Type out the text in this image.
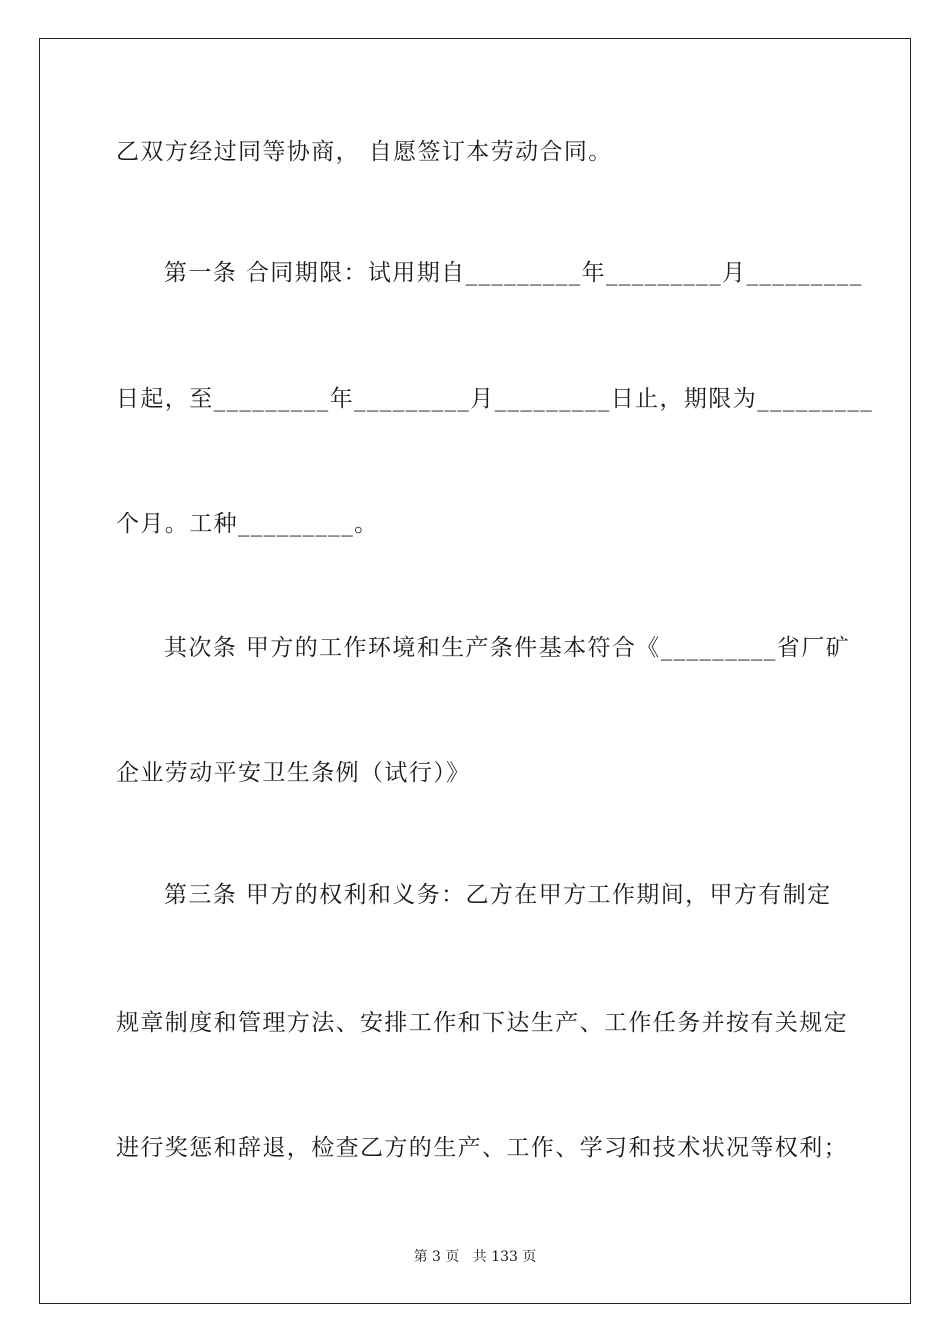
乙双方经过同等协商， 自愿签订本劳动合同。
第一条 合同期限：试用期自_________年_________月_________
日起，至_________年_________月_________日止，期限为_________
个月。工种_________。
其次条 甲方的工作环境和生产条件基本符合《_________省厂矿
企业劳动平安卫生条例（试行）》
第三条 甲方的权利和义务：乙方在甲方工作期间，甲方有制定
规章制度和管理方法、安排工作和下达生产、工作任务并按有关规定
进行奖惩和辞退，检查乙方的生产、工作、学习和技术状况等权利；
第 3 页   共 133 页
